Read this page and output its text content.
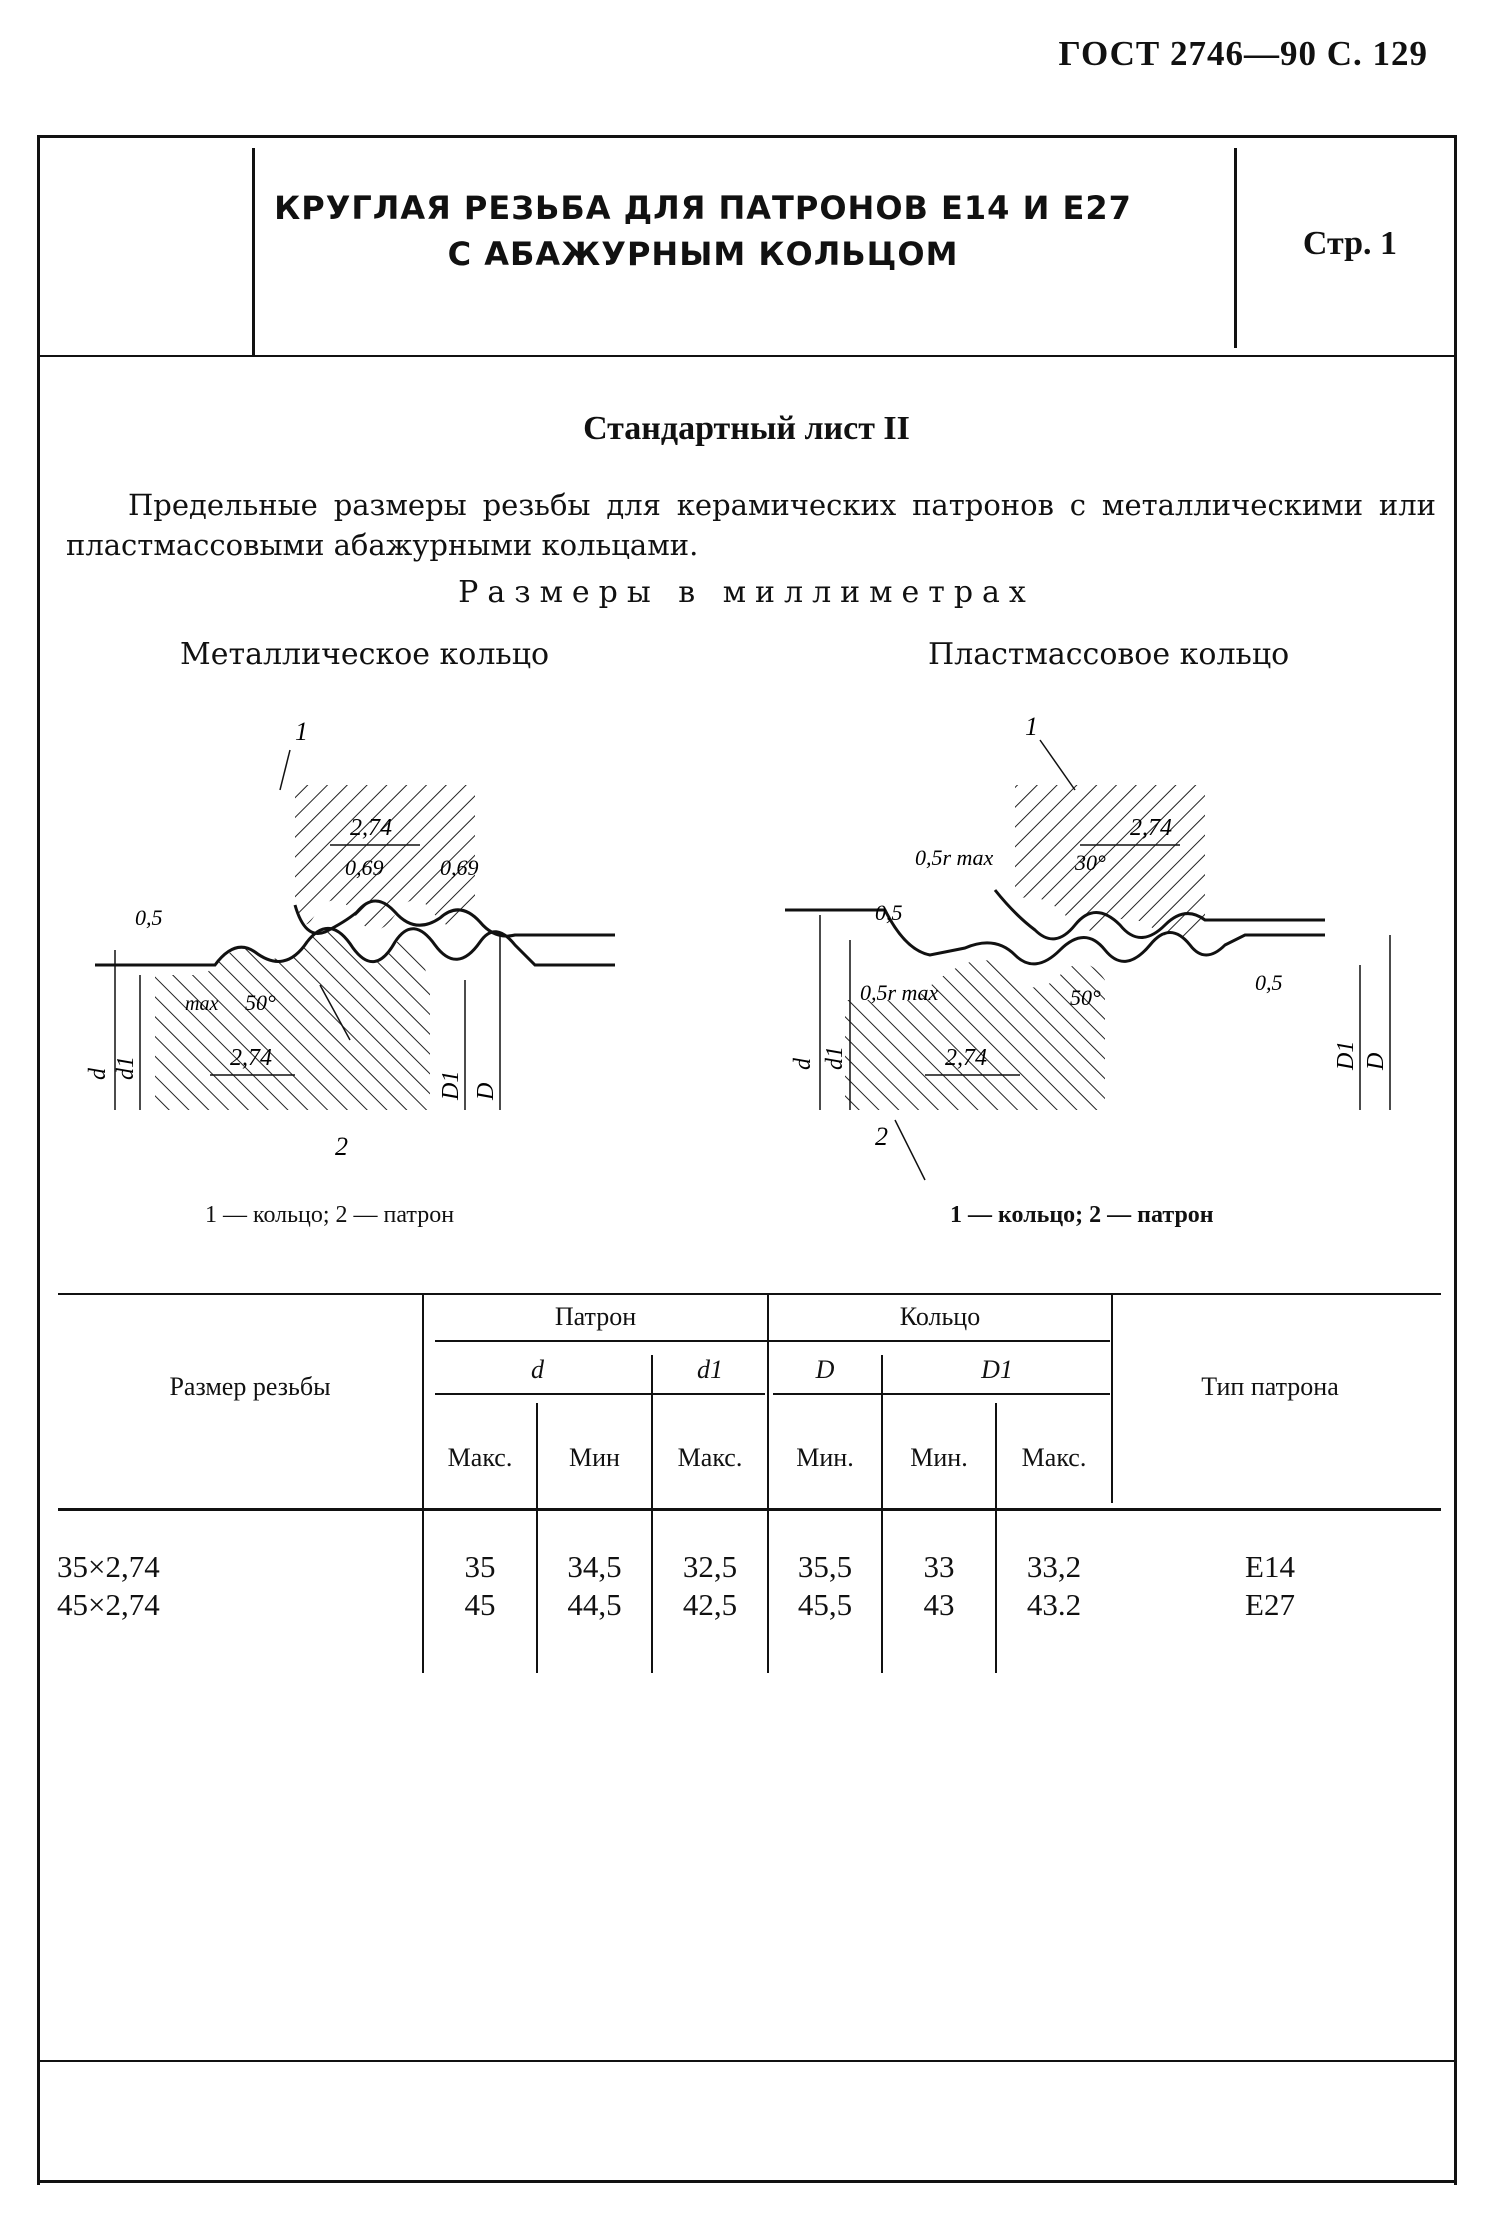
ГОСТ 2746—90 С. 129
КРУГЛАЯ РЕЗЬБА ДЛЯ ПАТРОНОВ Е14 И Е27
С АБАЖУРНЫМ КОЛЬЦОМ	Стр. 1
Стандартный лист II
Предельные размеры резьбы для керамических патронов с металлическими или пластмассовыми абажурными кольцами.
Размеры в миллиметрах
Металлическое кольцо	Пластмассовое кольцо
1
2,74
0,69	0,69
0,5
max 50°
2,74
2
d d1
D1 D
1
2,74
30°
0,5r max
0,5
0,5
0,5r max	50°
2,74
2
d d1	D1 D
1 — кольцо; 2 — патрон	1 — кольцо; 2 — патрон
Размер резьбы
Патрон	Кольцо
Тип патрона
d	d1	D	D1
Макс.	Мин	Макс.	Мин.	Мин.	Макс.
35×2,74	35	34,5	32,5	35,5	33	33,2	E14
45×2,74	45	44,5	42,5	45,5	43	43.2	E27
